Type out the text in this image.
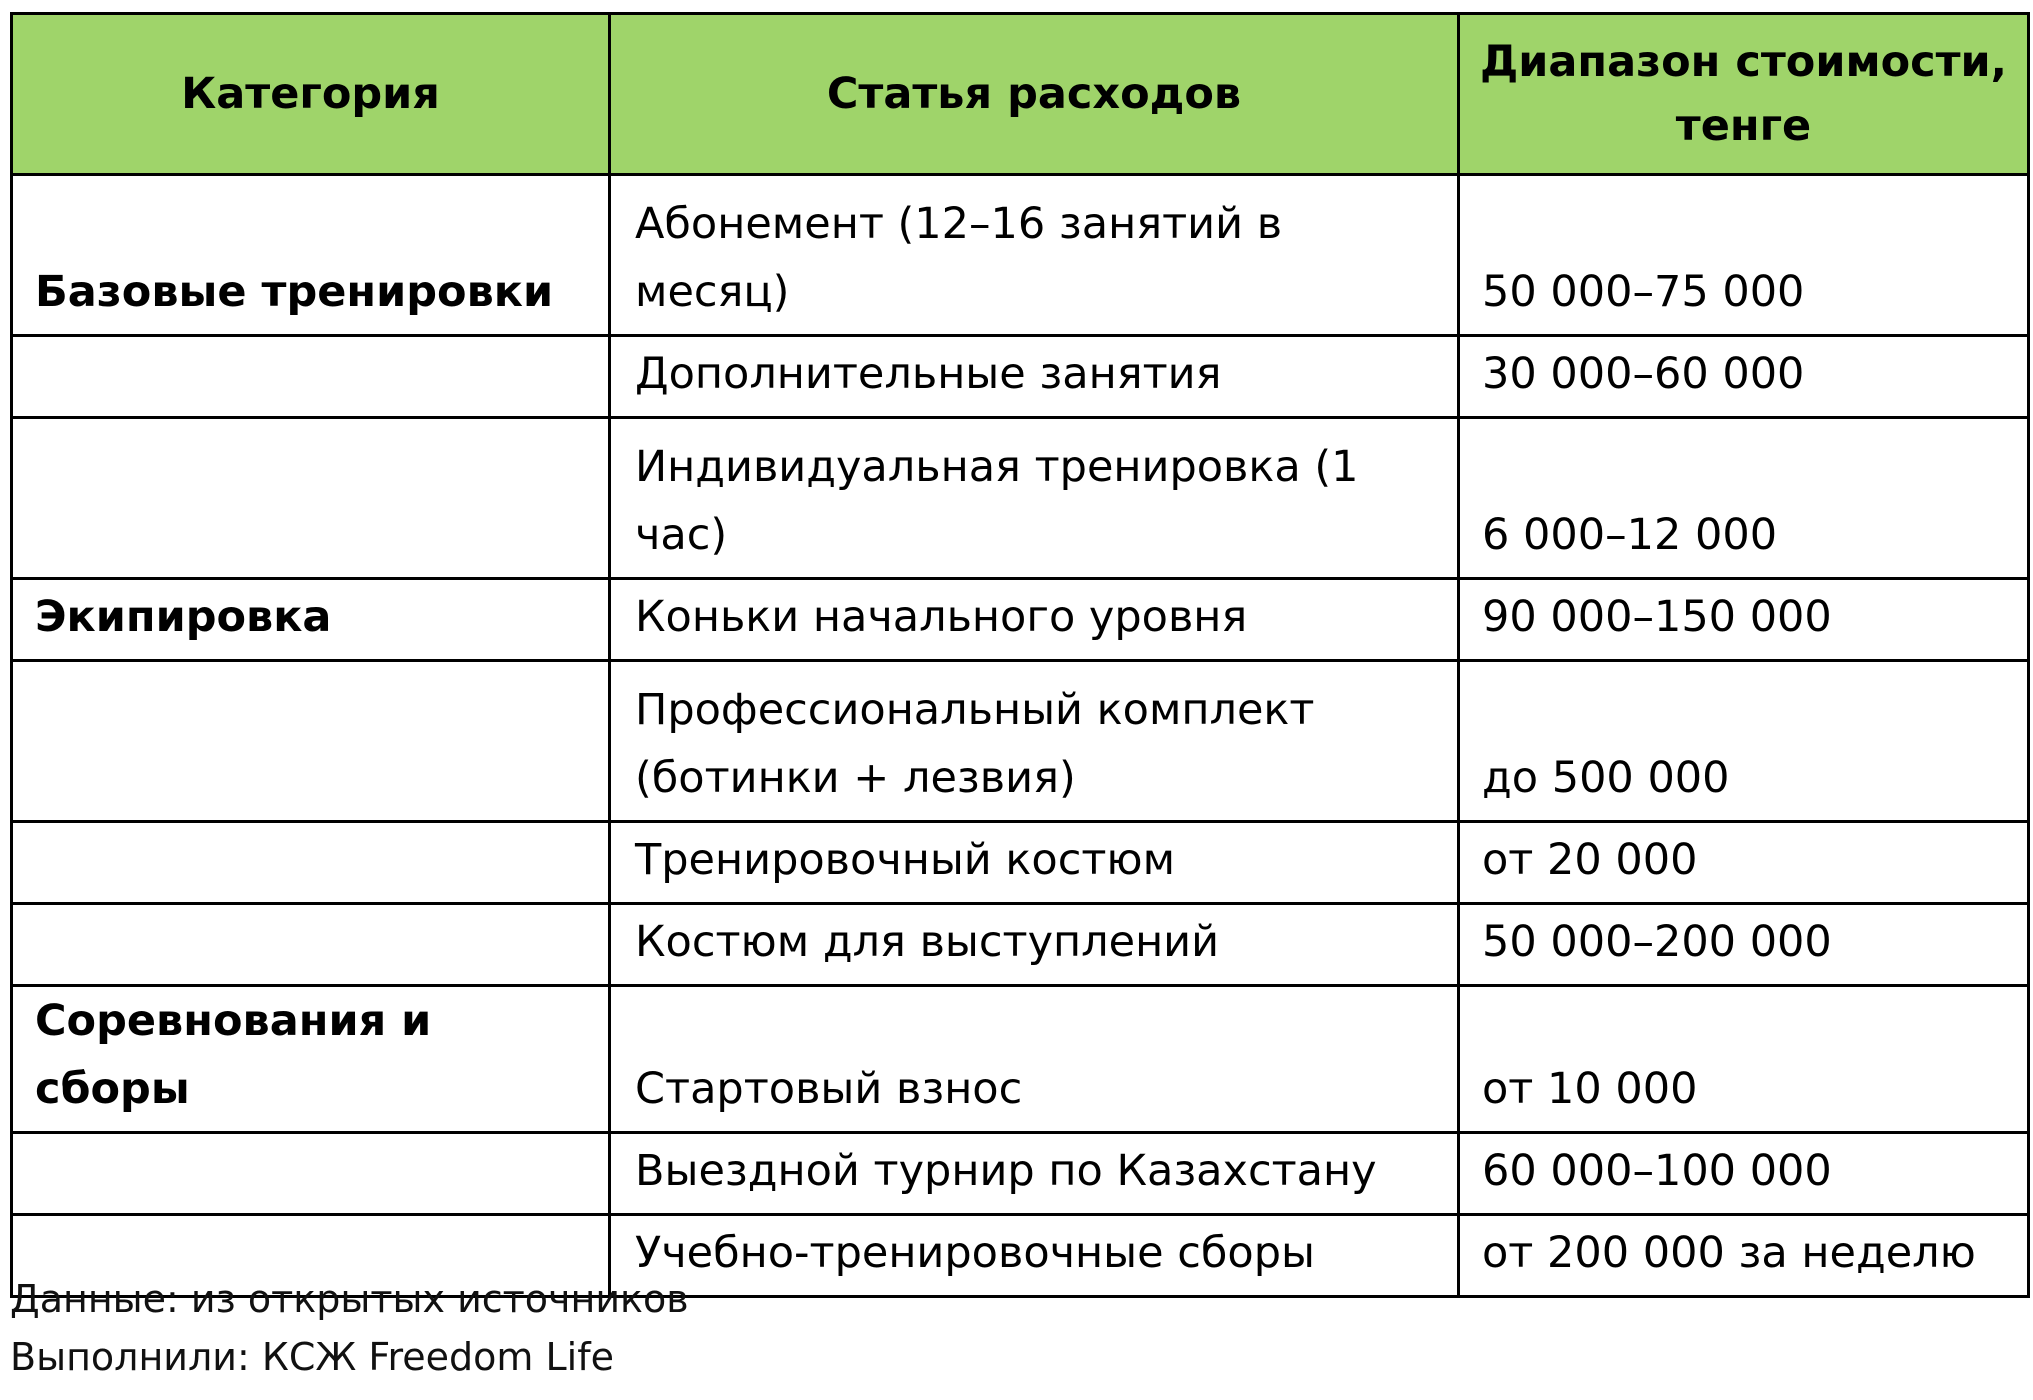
Категория	Статья расходов	Диапазон стоимости, тенге
Базовые тренировки	Абонемент (12–16 занятий в месяц)	50 000–75 000
	Дополнительные занятия	30 000–60 000
	Индивидуальная тренировка (1 час)	6 000–12 000
Экипировка	Коньки начального уровня	90 000–150 000
	Профессиональный комплект (ботинки + лезвия)	до 500 000
	Тренировочный костюм	от 20 000
	Костюм для выступлений	50 000–200 000
Соревнования и сборы	Стартовый взнос	от 10 000
	Выездной турнир по Казахстану	60 000–100 000
	Учебно-тренировочные сборы	от 200 000 за неделю
Данные: из открытых источников
Выполнили: КСЖ Freedom Life
